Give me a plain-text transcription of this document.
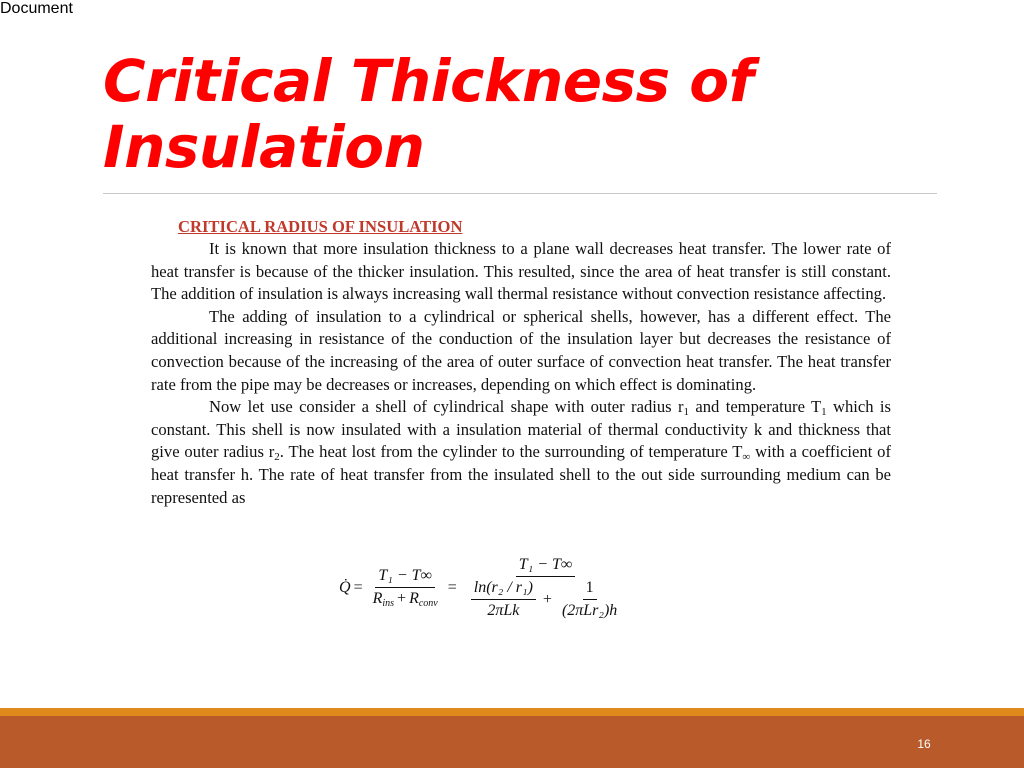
Document
Critical Thickness of Insulation

CRITICAL RADIUS OF INSULATION

It is known that more insulation thickness to a plane wall decreases heat transfer. The lower rate of heat transfer is because of the thicker insulation. This resulted, since the area of heat transfer is still constant. The addition of insulation is always increasing wall thermal resistance without convection resistance affecting.

The adding of insulation to a cylindrical or spherical shells, however, has a different effect. The additional increasing in resistance of the conduction of the insulation layer but decreases the resistance of convection because of the increasing of the area of outer surface of convection heat transfer. The heat transfer rate from the pipe may be decreases or increases, depending on which effect is dominating.

Now let use consider a shell of cylindrical shape with outer radius $r_1$ and temperature $T_1$ which is constant. This shell is now insulated with a insulation material of thermal conductivity k and thickness that give outer radius $r_2$. The heat lost from the cylinder to the surrounding of temperature $T_\infty$ with a coefficient of heat transfer h. The rate of heat transfer from the insulated shell to the out side surrounding medium can be represented as

Q̇ = $\frac{\text{T₁ − T∞}}{\text{Rins + Rconv}}$ =
T₁ − T∞
$\frac{\text{ln(r₂ / r₁)}}{\text{2πLk}} + \frac{1}{\text{(2πLr₂)h}}$
16
